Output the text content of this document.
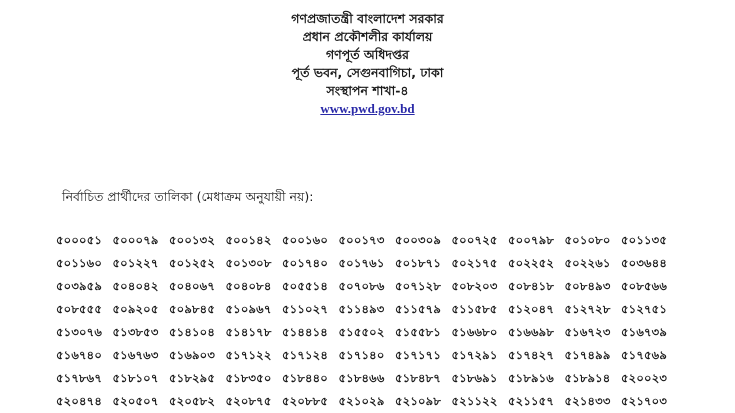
গণপ্রজাতন্ত্রী বাংলাদেশ সরকার
প্রধান প্রকৌশলীর কার্যালয়
গণপূর্ত অধিদপ্তর
পূর্ত ভবন, সেগুনবাগিচা, ঢাকা
সংস্থাপন শাখা-৪
www.pwd.gov.bd
নির্বাচিত প্রার্থীদের তালিকা (মেধাক্রম অনুযায়ী নয়):
৫০০০৫১ ৫০০০৭৯ ৫০০১৩২ ৫০০১৪২ ৫০০১৬০ ৫০০১৭৩ ৫০০৩০৯ ৫০০৭২৫ ৫০০৭৯৮ ৫০১০৮০ ৫০১১৩৫
৫০১১৬০ ৫০১২২৭ ৫০১২৫২ ৫০১৩০৮ ৫০১৭৪০ ৫০১৭৬১ ৫০১৮৭১ ৫০২১৭৫ ৫০২২৫২ ৫০২২৬১ ৫০৩৬৪৪
৫০৩৯৫৯ ৫০৪০৪২ ৫০৪০৬৭ ৫০৪০৮৪ ৫০৫৫১৪ ৫০৭০৮৬ ৫০৭১২৮ ৫০৮২০৩ ৫০৮৪১৮ ৫০৮৪৯৩ ৫০৮৫৬৬
৫০৮৫৫৫ ৫০৯২০৫ ৫০৯৮৪৫ ৫১০৯৬৭ ৫১১০২৭ ৫১১৪৯৩ ৫১১৫৭৯ ৫১১৫৮৫ ৫১২০৪৭ ৫১২৭২৮ ৫১২৭৫১
৫১৩০৭৬ ৫১৩৮৫৩ ৫১৪১০৪ ৫১৪১৭৮ ৫১৪৪১৪ ৫১৫৫০২ ৫১৫৫৮১ ৫১৬৬৮০ ৫১৬৬৯৮ ৫১৬৭২৩ ৫১৬৭৩৯
৫১৬৭৪০ ৫১৬৭৬৩ ৫১৬৯০৩ ৫১৭১২২ ৫১৭১২৪ ৫১৭১৪০ ৫১৭১৭১ ৫১৭২৯১ ৫১৭৪২৭ ৫১৭৪৯৯ ৫১৭৫৬৯
৫১৭৮৬৭ ৫১৮১০৭ ৫১৮২৯৫ ৫১৮৩৫০ ৫১৮৪৪০ ৫১৮৪৬৬ ৫১৮৪৮৭ ৫১৮৬৯১ ৫১৮৯১৬ ৫১৮৯১৪ ৫২০০২৩
৫২০৪৭৪ ৫২০৫০৭ ৫২০৫৮২ ৫২০৮৭৫ ৫২০৮৮৫ ৫২১০২৯ ৫২১০৯৮ ৫২১১২২ ৫২১১৫৭ ৫২১৪৩৩ ৫২১৭০৩
